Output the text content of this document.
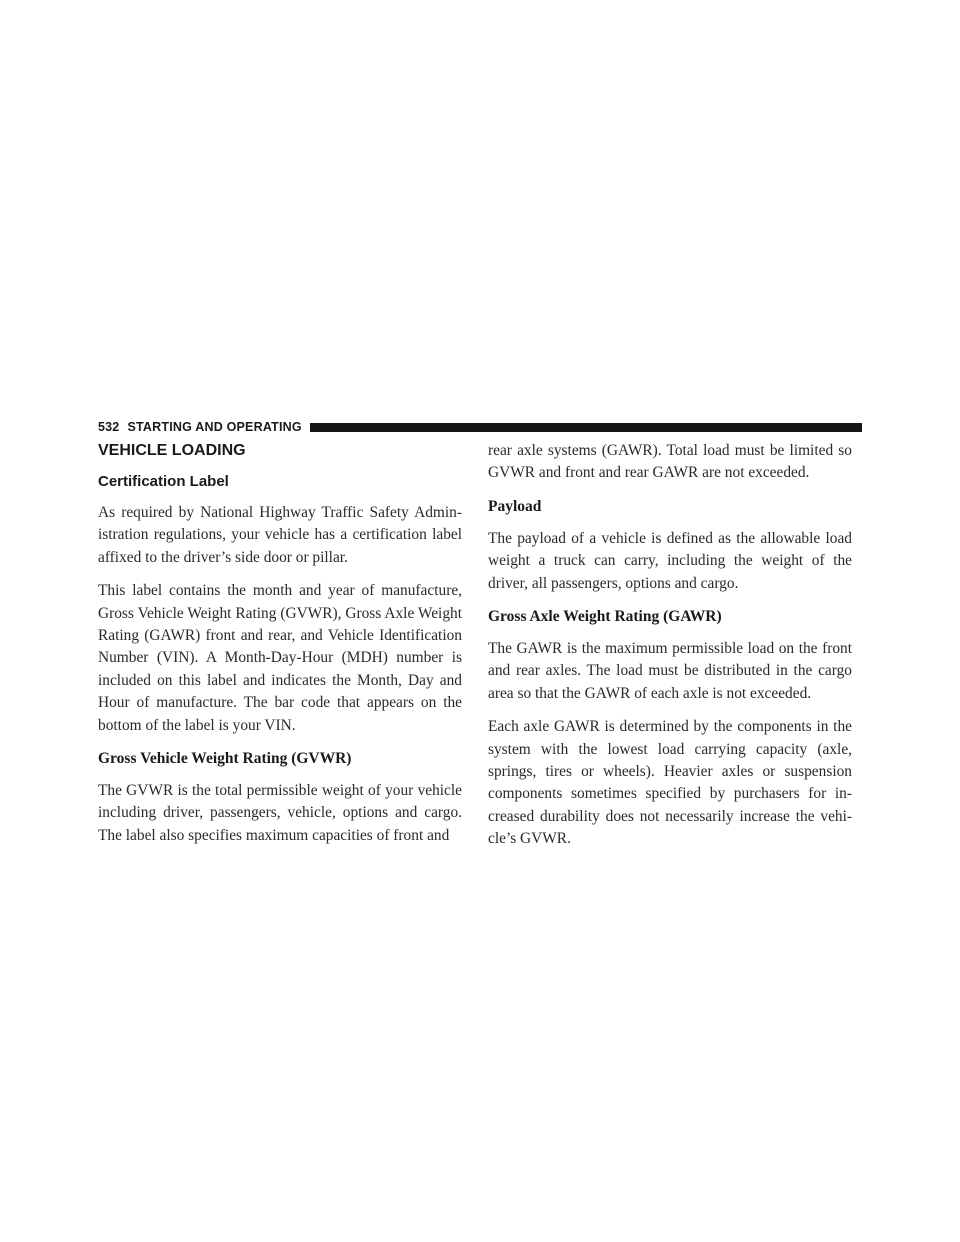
532 STARTING AND OPERATING
VEHICLE LOADING
Certification Label

As required by National Highway Traffic Safety Admin-istration regulations, your vehicle has a certification label affixed to the driver’s side door or pillar.

This label contains the month and year of manufacture, Gross Vehicle Weight Rating (GVWR), Gross Axle Weight Rating (GAWR) front and rear, and Vehicle Identification Number (VIN). A Month-Day-Hour (MDH) number is included on this label and indicates the Month, Day and Hour of manufacture. The bar code that appears on the bottom of the label is your VIN.

Gross Vehicle Weight Rating (GVWR)

The GVWR is the total permissible weight of your vehicle including driver, passengers, vehicle, options and cargo. The label also specifies maximum capacities of front and

rear axle systems (GAWR). Total load must be limited so GVWR and front and rear GAWR are not exceeded.

Payload

The payload of a vehicle is defined as the allowable load weight a truck can carry, including the weight of the driver, all passengers, options and cargo.

Gross Axle Weight Rating (GAWR)

The GAWR is the maximum permissible load on the front and rear axles. The load must be distributed in the cargo area so that the GAWR of each axle is not exceeded.

Each axle GAWR is determined by the components in the system with the lowest load carrying capacity (axle, springs, tires or wheels). Heavier axles or suspension components sometimes specified by purchasers for in-creased durability does not necessarily increase the vehi-cle’s GVWR.
